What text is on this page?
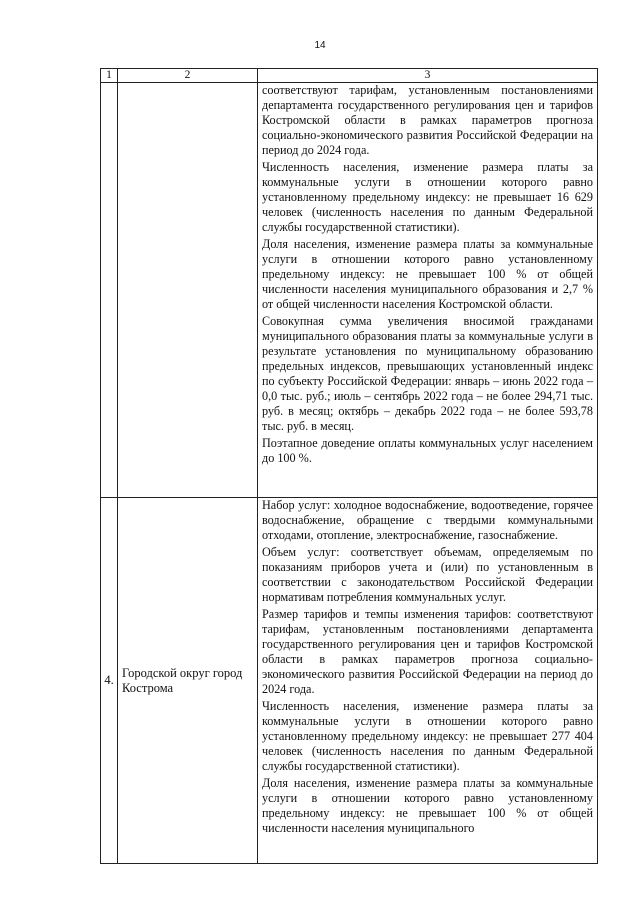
14
1	2	3

		соответствуют тарифам, установленным постановлениями департамента государственного регулирования цен и тарифов Костромской области в рамках параметров прогноза социально-экономического развития Российской Федерации на период до 2024 года.

Численность населения, изменение размера платы за коммунальные услуги в отношении которого равно установленному предельному индексу: не превышает 16 629 человек (численность населения по данным Федеральной службы государственной статистики).

Доля населения, изменение размера платы за коммунальные услуги в отношении которого равно установленному предельному индексу: не превышает 100 % от общей численности населения муниципального образования и 2,7 % от общей численности населения Костромской области.

Совокупная сумма увеличения вносимой гражданами муниципального образования платы за коммунальные услуги в результате установления по муниципальному образованию предельных индексов, превышающих установленный индекс по субъекту Российской Федерации: январь – июнь 2022 года – 0,0 тыс. руб.; июль – сентябрь 2022 года – не более 294,71 тыс. руб. в месяц; октябрь – декабрь 2022 года – не более 593,78 тыс. руб. в месяц.

Поэтапное доведение оплаты коммунальных услуг населением до 100 %.

4.	Городской округ город Кострома	Набор услуг: холодное водоснабжение, водоотведение, горячее водоснабжение, обращение с твердыми коммунальными отходами, отопление, электроснабжение, газоснабжение.

Объем услуг: соответствует объемам, определяемым по показаниям приборов учета и (или) по установленным в соответствии с законодательством Российской Федерации нормативам потребления коммунальных услуг.

Размер тарифов и темпы изменения тарифов: соответствуют тарифам, установленным постановлениями департамента государственного регулирования цен и тарифов Костромской области в рамках параметров прогноза социально-экономического развития Российской Федерации на период до 2024 года.

Численность населения, изменение размера платы за коммунальные услуги в отношении которого равно установленному предельному индексу: не превышает 277 404 человек (численность населения по данным Федеральной службы государственной статистики).

Доля населения, изменение размера платы за коммунальные услуги в отношении которого равно установленному предельному индексу: не превышает 100 % от общей численности населения муниципального
